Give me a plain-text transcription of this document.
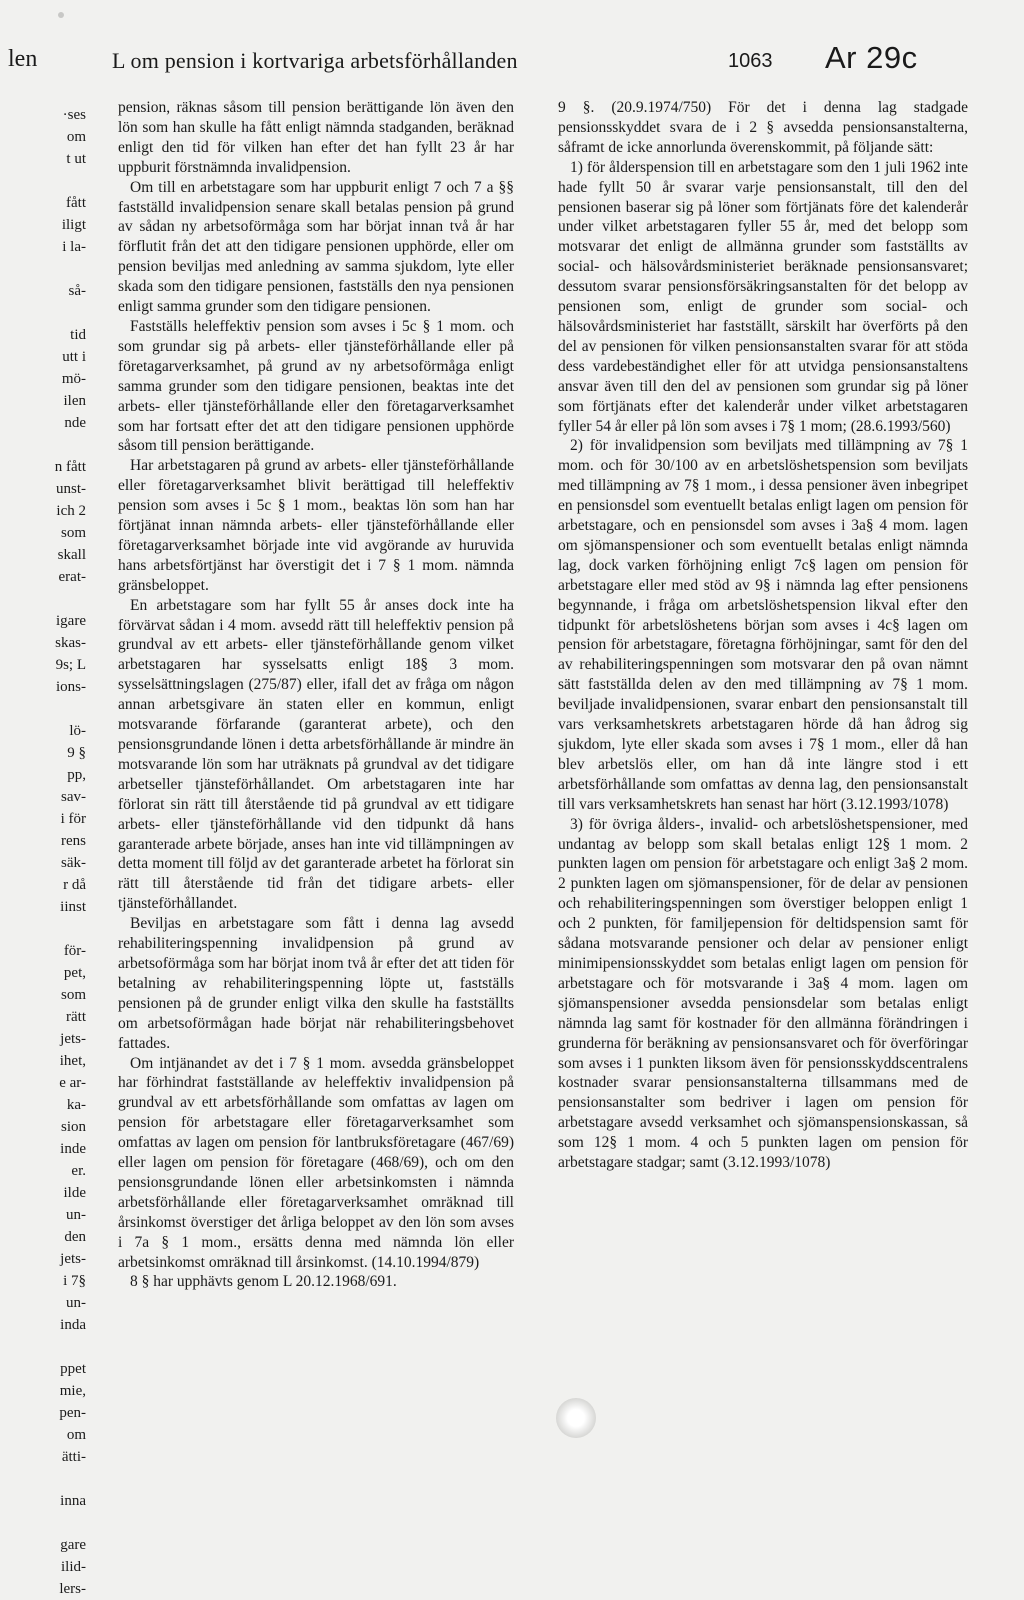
len	L om pension i kortvariga arbetsförhållanden	1063 Ar 29c
·ses
om
t ut

fått
iligt
i la-

så-

tid
utt i
mö-
ilen
nde

n fått
unst-
ich 2
som
skall
erat-

igare
skas-
9s; L
ions-

lö-
9 §
pp,
sav-
i för
rens
säk-
r då
iinst

för-
pet,
som
rätt
jets-
ihet,
e ar-
ka-
sion
inde
er.
ilde
un-
den
jets-
i 7§
un-
inda

ppet
mie,
pen-
om
ätti-

inna

gare
ilid-
lers-

pension, räknas såsom till pension berättigande lön även den lön som han skulle ha fått enligt nämnda stadganden, beräknad enligt den tid för vilken han efter det han fyllt 23 år har uppburit förstnämnda invalidpension.

Om till en arbetstagare som har uppburit enligt 7 och 7 a §§ fastställd invalidpension senare skall betalas pension på grund av sådan ny arbetsoförmåga som har börjat innan två år har förflutit från det att den tidigare pensionen upphörde, eller om pension beviljas med anledning av samma sjukdom, lyte eller skada som den tidigare pensionen, fastställs den nya pensionen enligt samma grunder som den tidigare pensionen.

Fastställs heleffektiv pension som avses i 5c § 1 mom. och som grundar sig på arbets- eller tjänsteförhållande eller på företagarverksamhet, på grund av ny arbetsoförmåga enligt samma grunder som den tidigare pensionen, beaktas inte det arbets- eller tjänsteförhållande eller den företagarverksamhet som har fortsatt efter det att den tidigare pensionen upphörde såsom till pension berättigande.

Har arbetstagaren på grund av arbets- eller tjänsteförhållande eller företagarverksamhet blivit berättigad till heleffektiv pension som avses i 5c § 1 mom., beaktas lön som han har förtjänat innan nämnda arbets- eller tjänsteförhållande eller företagarverksamhet började inte vid avgörande av huruvida hans arbetsförtjänst har överstigit det i 7 § 1 mom. nämnda gränsbeloppet.

En arbetstagare som har fyllt 55 år anses dock inte ha förvärvat sådan i 4 mom. avsedd rätt till heleffektiv pension på grundval av ett arbets- eller tjänsteförhållande genom vilket arbetstagaren har sysselsatts enligt 18§ 3 mom. sysselsättningslagen (275/87) eller, ifall det av fråga om någon annan arbetsgivare än staten eller en kommun, enligt motsvarande förfarande (garanterat arbete), och den pensionsgrundande lönen i detta arbetsförhållande är mindre än motsvarande lön som har uträknats på grundval av det tidigare arbetseller tjänsteförhållandet. Om arbetstagaren inte har förlorat sin rätt till återstående tid på grundval av ett tidigare arbets- eller tjänsteförhållande vid den tidpunkt då hans garanterade arbete började, anses han inte vid tillämpningen av detta moment till följd av det garanterade arbetet ha förlorat sin rätt till återstående tid från det tidigare arbets- eller tjänsteförhållandet.

Beviljas en arbetstagare som fått i denna lag avsedd rehabiliteringspenning invalidpension på grund av arbetsoförmåga som har börjat inom två år efter det att tiden för betalning av rehabiliteringspenning löpte ut, fastställs pensionen på de grunder enligt vilka den skulle ha fastställts om arbetsoförmågan hade börjat när rehabiliteringsbehovet fattades.

Om intjänandet av det i 7 § 1 mom. avsedda gränsbeloppet har förhindrat fastställande av heleffektiv invalidpension på grundval av ett arbetsförhållande som omfattas av lagen om pension för arbetstagare eller företagarverksamhet som omfattas av lagen om pension för lantbruksföretagare (467/69) eller lagen om pension för företagare (468/69), och om den pensionsgrundande lönen eller arbetsinkomsten i nämnda arbetsförhållande eller företagarverksamhet omräknad till årsinkomst överstiger det årliga beloppet av den lön som avses i 7a § 1 mom., ersätts denna med nämnda lön eller arbetsinkomst omräknad till årsinkomst. (14.10.1994/879)

8 § har upphävts genom L 20.12.1968/691.

9 §. (20.9.1974/750) För det i denna lag stadgade pensionsskyddet svara de i 2 § avsedda pensionsanstalterna, såframt de icke annorlunda överenskommit, på följande sätt:

1) för ålderspension till en arbetstagare som den 1 juli 1962 inte hade fyllt 50 år svarar varje pensionsanstalt, till den del pensionen baserar sig på löner som förtjänats före det kalenderår under vilket arbetstagaren fyller 55 år, med det belopp som motsvarar det enligt de allmänna grunder som fastställts av social- och hälsovårdsministeriet beräknade pensionsansvaret; dessutom svarar pensionsförsäkringsanstalten för det belopp av pensionen som, enligt de grunder som social- och hälsovårdsministeriet har fastställt, särskilt har överförts på den del av pensionen för vilken pensionsanstalten svarar för att stöda dess vardebeständighet eller för att utvidga pensionsanstaltens ansvar även till den del av pensionen som grundar sig på löner som förtjänats efter det kalenderår under vilket arbetstagaren fyller 54 år eller på lön som avses i 7§ 1 mom; (28.6.1993/560)

2) för invalidpension som beviljats med tillämpning av 7§ 1 mom. och för 30/100 av en arbetslöshetspension som beviljats med tillämpning av 7§ 1 mom., i dessa pensioner även inbegripet en pensionsdel som eventuellt betalas enligt lagen om pension för arbetstagare, och en pensionsdel som avses i 3a§ 4 mom. lagen om sjömanspensioner och som eventuellt betalas enligt nämnda lag, dock varken förhöjning enligt 7c§ lagen om pension för arbetstagare eller med stöd av 9§ i nämnda lag efter pensionens begynnande, i fråga om arbetslöshetspension likval efter den tidpunkt för arbetslöshetens början som avses i 4c§ lagen om pension för arbetstagare, företagna förhöjningar, samt för den del av rehabiliteringspenningen som motsvarar den på ovan nämnt sätt fastställda delen av den med tillämpning av 7§ 1 mom. beviljade invalidpensionen, svarar enbart den pensionsanstalt till vars verksamhetskrets arbetstagaren hörde då han ådrog sig sjukdom, lyte eller skada som avses i 7§ 1 mom., eller då han blev arbetslös eller, om han då inte längre stod i ett arbetsförhållande som omfattas av denna lag, den pensionsanstalt till vars verksamhetskrets han senast har hört (3.12.1993/1078)

3) för övriga ålders-, invalid- och arbetslöshetspensioner, med undantag av belopp som skall betalas enligt 12§ 1 mom. 2 punkten lagen om pension för arbetstagare och enligt 3a§ 2 mom. 2 punkten lagen om sjömanspensioner, för de delar av pensionen och rehabiliteringspenningen som överstiger beloppen enligt 1 och 2 punkten, för familjepension för deltidspension samt för sådana motsvarande pensioner och delar av pensioner enligt minimipensionsskyddet som betalas enligt lagen om pension för arbetstagare och för motsvarande i 3a§ 4 mom. lagen om sjömanspensioner avsedda pensionsdelar som betalas enligt nämnda lag samt för kostnader för den allmänna förändringen i grunderna för beräkning av pensionsansvaret och för överföringar som avses i 1 punkten liksom även för pensionsskyddscentralens kostnader svarar pensionsanstalterna tillsammans med de pensionsanstalter som bedriver i lagen om pension för arbetstagare avsedd verksamhet och sjömanspensionskassan, så som 12§ 1 mom. 4 och 5 punkten lagen om pension för arbetstagare stadgar; samt (3.12.1993/1078)
